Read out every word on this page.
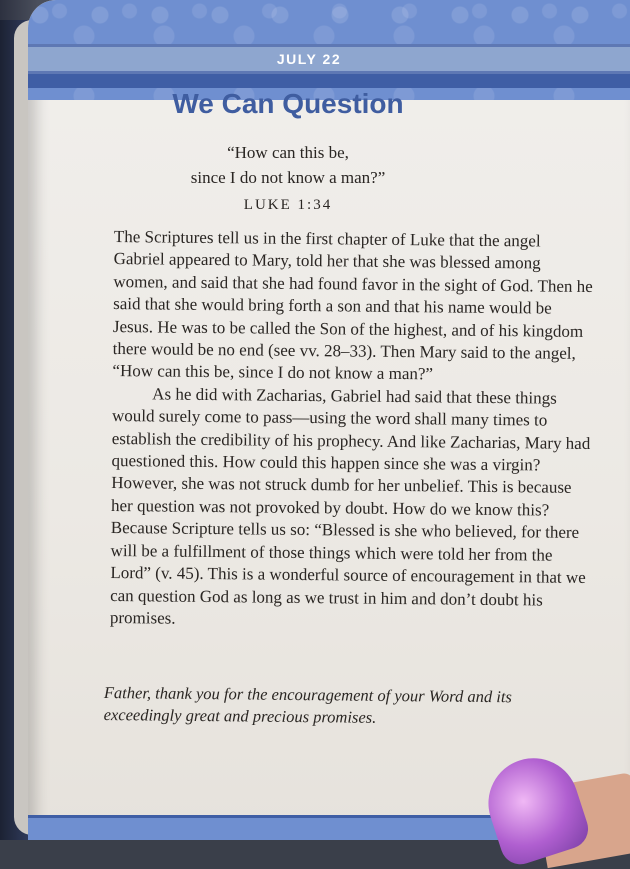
JULY 22
We Can Question
“How can this be,
since I do not know a man?”
LUKE 1:34

The Scriptures tell us in the first chapter of Luke that the angel Gabriel appeared to Mary, told her that she was blessed among women, and said that she had found favor in the sight of God. Then he said that she would bring forth a son and that his name would be Jesus. He was to be called the Son of the highest, and of his kingdom there would be no end (see vv. 28–33). Then Mary said to the angel, “How can this be, since I do not know a man?”

As he did with Zacharias, Gabriel had said that these things would surely come to pass—using the word shall many times to establish the credibility of his prophecy. And like Zacharias, Mary had questioned this. How could this happen since she was a virgin? However, she was not struck dumb for her unbelief. This is because her question was not provoked by doubt. How do we know this? Because Scripture tells us so: “Blessed is she who believed, for there will be a fulfillment of those things which were told her from the Lord” (v. 45). This is a wonderful source of encouragement in that we can question God as long as we trust in him and don’t doubt his promises.

Father, thank you for the encouragement of your Word and its exceedingly great and precious promises.
